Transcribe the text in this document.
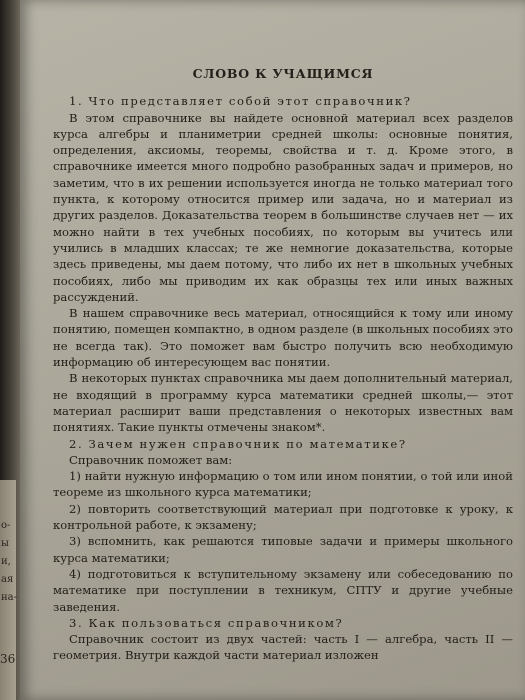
о-
ы
и,
ая
на-
36
СЛОВО К УЧАЩИМСЯ

1. Что представляет собой этот справочник?

В этом справочнике вы найдете основной материал всех разделов курса алгебры и планиметрии средней школы: основные понятия, определения, аксиомы, теоремы, свойства и т. д. Кроме этого, в справочнике имеется много подробно разобранных задач и примеров, но заметим, что в их решении используется иногда не только материал того пункта, к которому относится пример или задача, но и материал из других разделов. Доказательства теорем в большинстве случаев нет — их можно найти в тех учебных пособиях, по которым вы учитесь или учились в младших классах; те же немногие доказательства, которые здесь приведены, мы даем потому, что либо их нет в школьных учебных пособиях, либо мы приводим их как образцы тех или иных важных рассуждений.

В нашем справочнике весь материал, относящийся к тому или иному понятию, помещен компактно, в одном разделе (в школьных пособиях это не всегда так). Это поможет вам быстро получить всю необходимую информацию об интересующем вас понятии.

В некоторых пунктах справочника мы даем дополнительный материал, не входящий в программу курса математики средней школы,— этот материал расширит ваши представления о некоторых известных вам понятиях. Такие пункты отмечены знаком*.

2. Зачем нужен справочник по математике?

Справочник поможет вам:

1) найти нужную информацию о том или ином понятии, о той или иной теореме из школьного курса математики;
2) повторить соответствующий материал при подготовке к уроку, к контрольной работе, к экзамену;
3) вспомнить, как решаются типовые задачи и примеры школьного курса математики;
4) подготовиться к вступительному экзамену или собеседованию по математике при поступлении в техникум, СПТУ и другие учебные заведения.

3. Как пользоваться справочником?

Справочник состоит из двух частей: часть I — алгебра, часть II — геометрия. Внутри каждой части материал изложен
